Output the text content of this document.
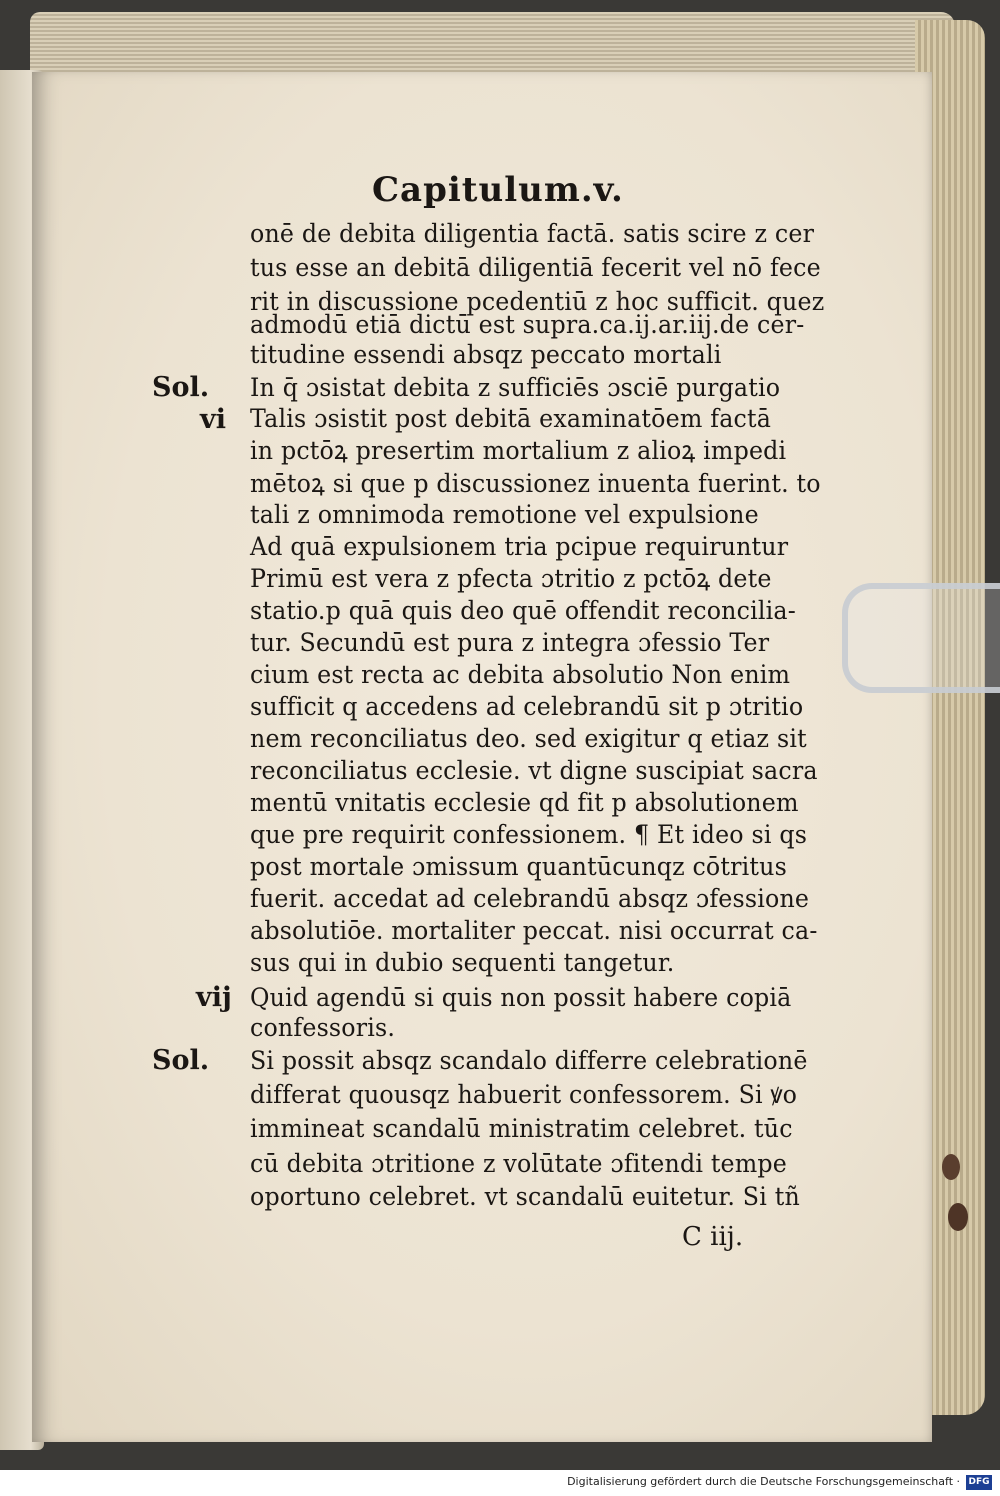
Capitulum.v.
onē de debita diligentia factā. satis scire z cer
tus esse an debitā diligentiā fecerit vel nō fece
rit in discussione pcedentiū z hoc sufficit. quez
admodū etiā dictū est supra.ca.ij.ar.iij.de cer-
titudine essendi absqz peccato mortali
In q̄ ɔsistat debita z sufficiēs ɔsciē purgatio
Talis ɔsistit post debitā examinatōem factā
in pctōꝝ presertim mortalium z alioꝝ impedi
mētoꝝ si que p discussionez inuenta fuerint. to
tali z omnimoda remotione vel expulsione
Ad quā expulsionem tria pcipue requiruntur
Primū est vera z pfecta ɔtritio z pctōꝝ dete
statio.p quā quis deo quē offendit reconcilia-
tur. Secundū est pura z integra ɔfessio Ter
cium est recta ac debita absolutio Non enim
sufficit q accedens ad celebrandū sit p ɔtritio
nem reconciliatus deo. sed exigitur q etiaz sit
reconciliatus ecclesie. vt digne suscipiat sacra
mentū vnitatis ecclesie qd fit p absolutionem
que pre requirit confessionem. ¶ Et ideo si qs
post mortale ɔmissum quantūcunqz cōtritus
fuerit. accedat ad celebrandū absqz ɔfessione
absolutiōe. mortaliter peccat. nisi occurrat ca-
sus qui in dubio sequenti tangetur.
Quid agendū si quis non possit habere copiā
confessoris.
Si possit absqz scandalo differre celebrationē
differat quousqz habuerit confessorem. Si ꝟo
immineat scandalū ministratim celebret. tūc
cū debita ɔtritione z volūtate ɔfitendi tempe
oportuno celebret. vt scandalū euitetur. Si tñ
Sol.
vi
vij
Sol.
C iij.
Digitalisierung gefördert durch die Deutsche Forschungsgemeinschaft · DFG
